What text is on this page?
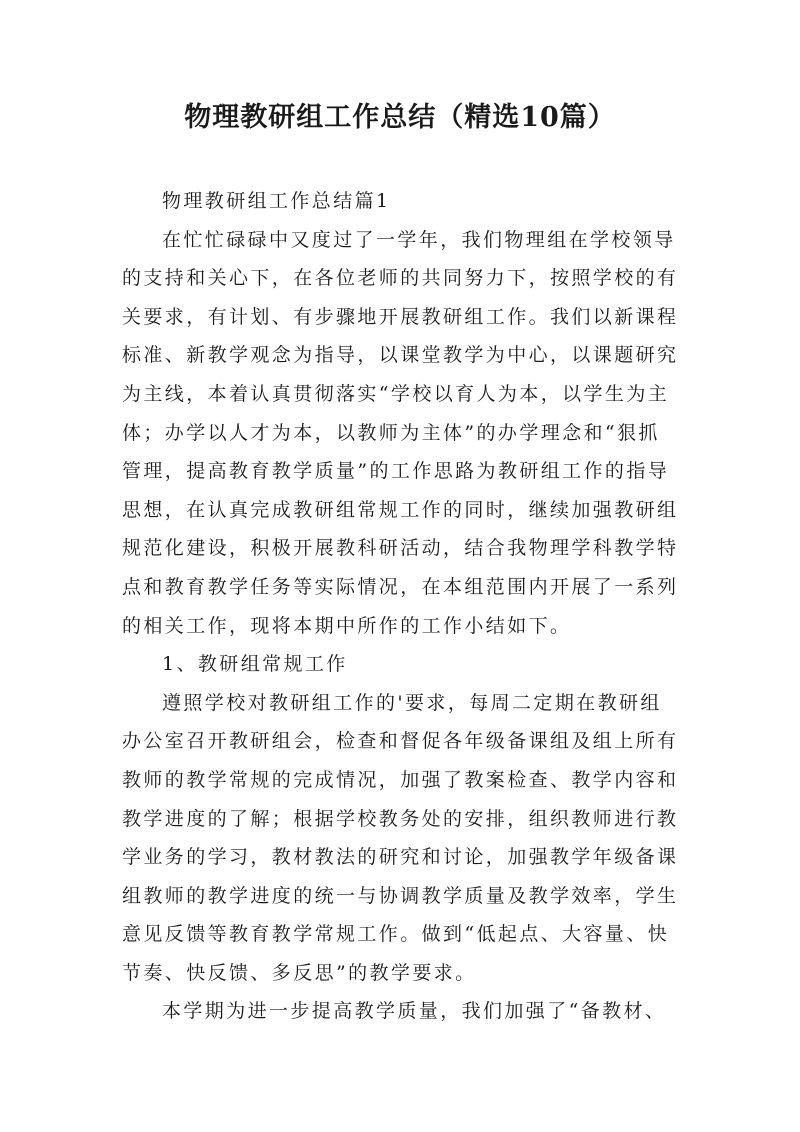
物理教研组工作总结（精选10篇）
物理教研组工作总结篇1
在忙忙碌碌中又度过了一学年，我们物理组在学校领导
的支持和关心下，在各位老师的共同努力下，按照学校的有
关要求，有计划、有步骤地开展教研组工作。我们以新课程
标准、新教学观念为指导，以课堂教学为中心，以课题研究
为主线，本着认真贯彻落实“学校以育人为本，以学生为主
体；办学以人才为本，以教师为主体”的办学理念和“狠抓
管理，提高教育教学质量”的工作思路为教研组工作的指导
思想，在认真完成教研组常规工作的同时，继续加强教研组
规范化建设，积极开展教科研活动，结合我物理学科教学特
点和教育教学任务等实际情况，在本组范围内开展了一系列
的相关工作，现将本期中所作的工作小结如下。
1、教研组常规工作
遵照学校对教研组工作的'要求，每周二定期在教研组
办公室召开教研组会，检查和督促各年级备课组及组上所有
教师的教学常规的完成情况，加强了教案检查、教学内容和
教学进度的了解；根据学校教务处的安排，组织教师进行教
学业务的学习，教材教法的研究和讨论，加强教学年级备课
组教师的教学进度的统一与协调教学质量及教学效率，学生
意见反馈等教育教学常规工作。做到“低起点、大容量、快
节奏、快反馈、多反思”的教学要求。
本学期为进一步提高教学质量，我们加强了“备教材、
